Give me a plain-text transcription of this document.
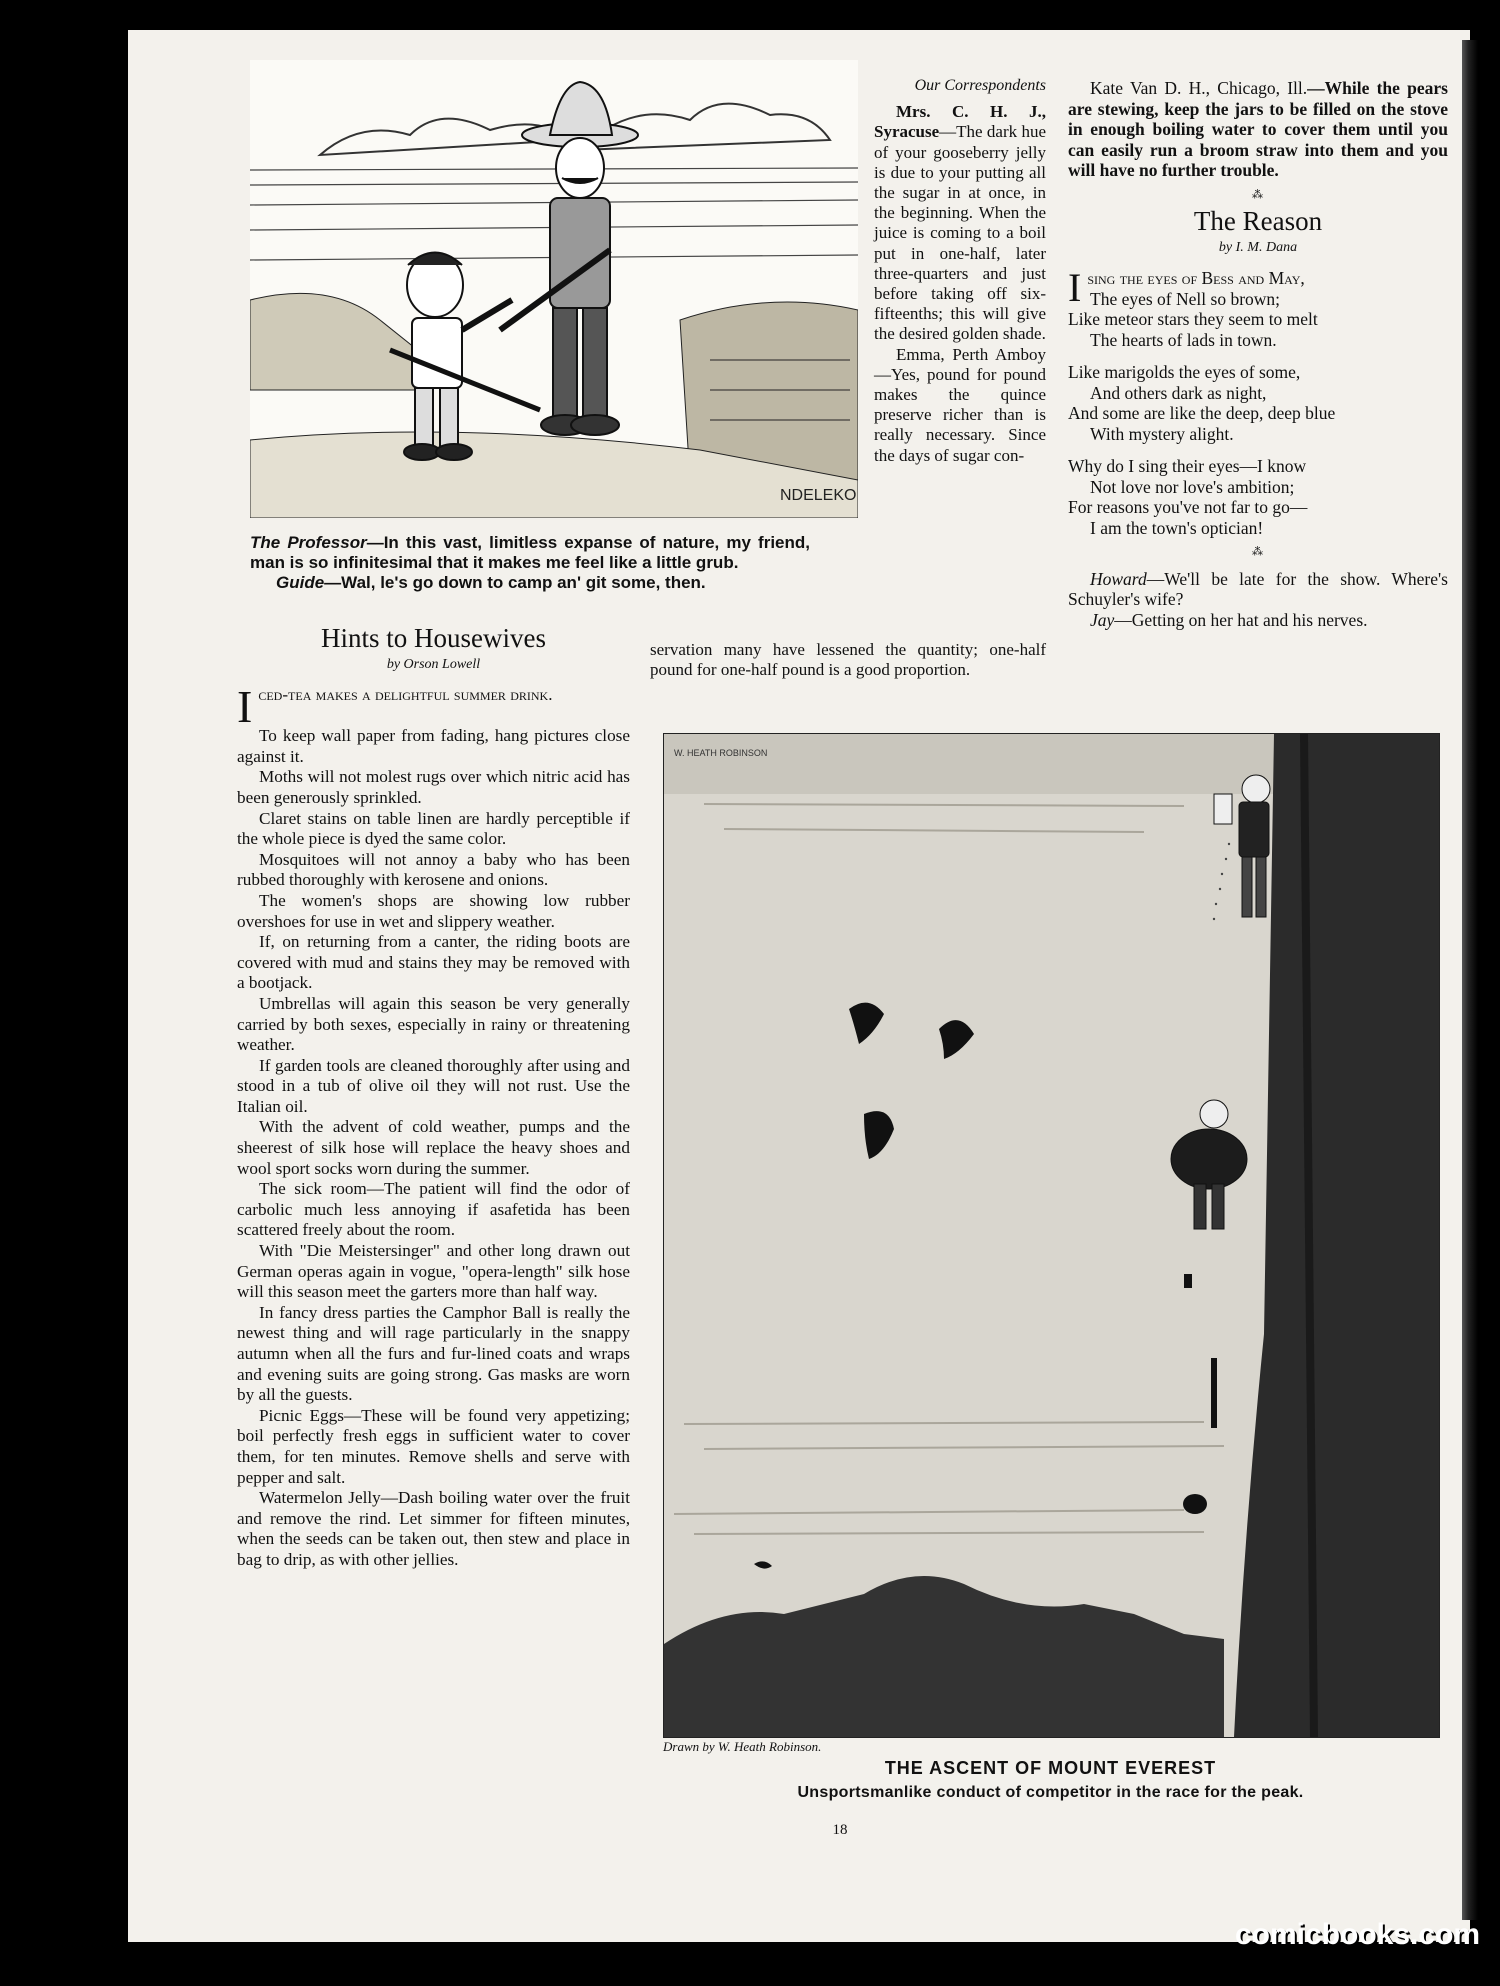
NDELEKO.
The Professor—In this vast, limitless expanse of nature, my friend, man is so infinitesimal that it makes me feel like a little grub.
Guide—Wal, le's go down to camp an' git some, then.

Our Correspondents

Mrs. C. H. J., Syracuse—The dark hue of your gooseberry jelly is due to your putting all the sugar in at once, in the beginning. When the juice is coming to a boil put in one-half, later three-quarters and just before taking off six-fifteenths; this will give the desired golden shade.

Emma, Perth Amboy—Yes, pound for pound makes the quince preserve richer than is really necessary. Since the days of sugar con-

servation many have lessened the quantity; one-half pound for one-half pound is a good proportion.

Kate Van D. H., Chicago, Ill.—While the pears are stewing, keep the jars to be filled on the stove in enough boiling water to cover them until you can easily run a broom straw into them and you will have no further trouble.

⁂
The Reason
by I. M. Dana

Ising the eyes of Bess and May,

The eyes of Nell so brown;

Like meteor stars they seem to melt

The hearts of lads in town.

Like marigolds the eyes of some,

And others dark as night,

And some are like the deep, deep blue

With mystery alight.

Why do I sing their eyes—I know

Not love nor love's ambition;

For reasons you've not far to go—

I am the town's optician!

⁂

Howard—We'll be late for the show. Where's Schuyler's wife?

Jay—Getting on her hat and his nerves.

Hints to Housewives
by Orson Lowell

Iced-tea makes a delightful summer drink.

To keep wall paper from fading, hang pictures close against it.

Moths will not molest rugs over which nitric acid has been generously sprinkled.

Claret stains on table linen are hardly perceptible if the whole piece is dyed the same color.

Mosquitoes will not annoy a baby who has been rubbed thoroughly with kerosene and onions.

The women's shops are showing low rubber overshoes for use in wet and slippery weather.

If, on returning from a canter, the riding boots are covered with mud and stains they may be removed with a bootjack.

Umbrellas will again this season be very generally carried by both sexes, especially in rainy or threatening weather.

If garden tools are cleaned thoroughly after using and stood in a tub of olive oil they will not rust. Use the Italian oil.

With the advent of cold weather, pumps and the sheerest of silk hose will replace the heavy shoes and wool sport socks worn during the summer.

The sick room—The patient will find the odor of carbolic much less annoying if asafetida has been scattered freely about the room.

With "Die Meistersinger" and other long drawn out German operas again in vogue, "opera-length" silk hose will this season meet the garters more than half way.

In fancy dress parties the Camphor Ball is really the newest thing and will rage particularly in the snappy autumn when all the furs and fur-lined coats and wraps and evening suits are going strong. Gas masks are worn by all the guests.

Picnic Eggs—These will be found very appetizing; boil perfectly fresh eggs in sufficient water to cover them, for ten minutes. Remove shells and serve with pepper and salt.

Watermelon Jelly—Dash boiling water over the fruit and remove the rind. Let simmer for fifteen minutes, when the seeds can be taken out, then stew and place in bag to drip, as with other jellies.

W. HEATH ROBINSON
Drawn by W. Heath Robinson.
THE ASCENT OF MOUNT EVEREST
Unsportsmanlike conduct of competitor in the race for the peak.
18
comicbooks.com
